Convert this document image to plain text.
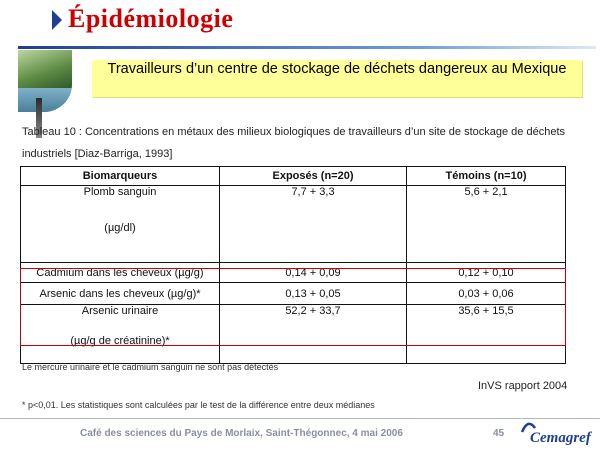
Épidémiologie
Travailleurs d’un centre de stockage de déchets dangereux au Mexique
Tableau 10 : Concentrations en métaux des milieux biologiques de travailleurs d’un site de stockage de déchets industriels [Diaz-Barriga, 1993]
Biomarqueurs	Exposés (n=20)	Témoins (n=10)

Plomb sanguin
(µg/dl)	7,7 + 3,3	5,6 + 2,1
Cadmium dans les cheveux (µg/g)	0,14 + 0,09	0,12 + 0,10
Arsenic dans les cheveux (µg/g)*	0,13 + 0,05	0,03 + 0,06

Arsenic urinaire
(µg/g de créatinine)*	52,2 + 33,7	35,6 + 15,5
Le mercure urinaire et le cadmium sanguin ne sont pas détectés
InVS rapport 2004
* p<0,01. Les statistiques sont calculées par le test de la différence entre deux médianes
Café des sciences du Pays de Morlaix, Saint-Thégonnec, 4 mai 2006	45 Cemagref
